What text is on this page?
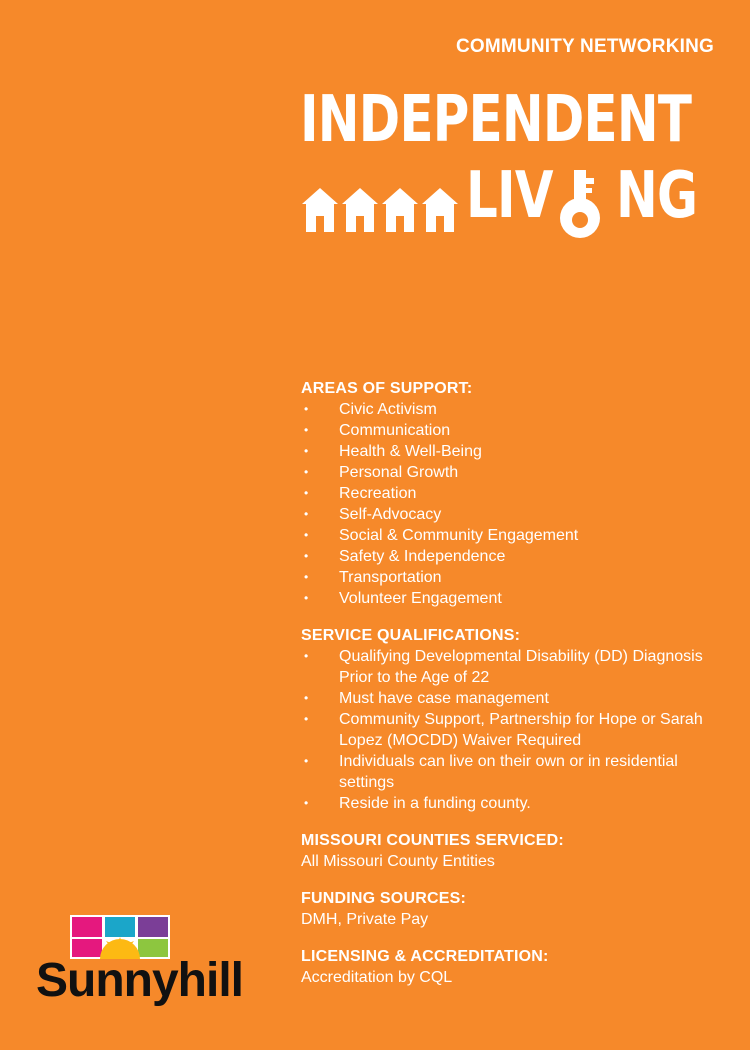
COMMUNITY NETWORKING
INDEPENDENT
LIV NG
AREAS OF SUPPORT:
• Civic Activism
• Communication
• Health & Well-Being
• Personal Growth
• Recreation
• Self-Advocacy
• Social & Community Engagement
• Safety & Independence
• Transportation
• Volunteer Engagement
SERVICE QUALIFICATIONS:
• Qualifying Developmental Disability (DD) Diagnosis Prior to the Age of 22
• Must have case management
• Community Support, Partnership for Hope or Sarah Lopez (MOCDD) Waiver Required
• Individuals can live on their own or in residential settings
• Reside in a funding county.
MISSOURI COUNTIES SERVICED:
All Missouri County Entities
FUNDING SOURCES:
DMH, Private Pay
LICENSING & ACCREDITATION:
Accreditation by CQL
Sunnyhill
